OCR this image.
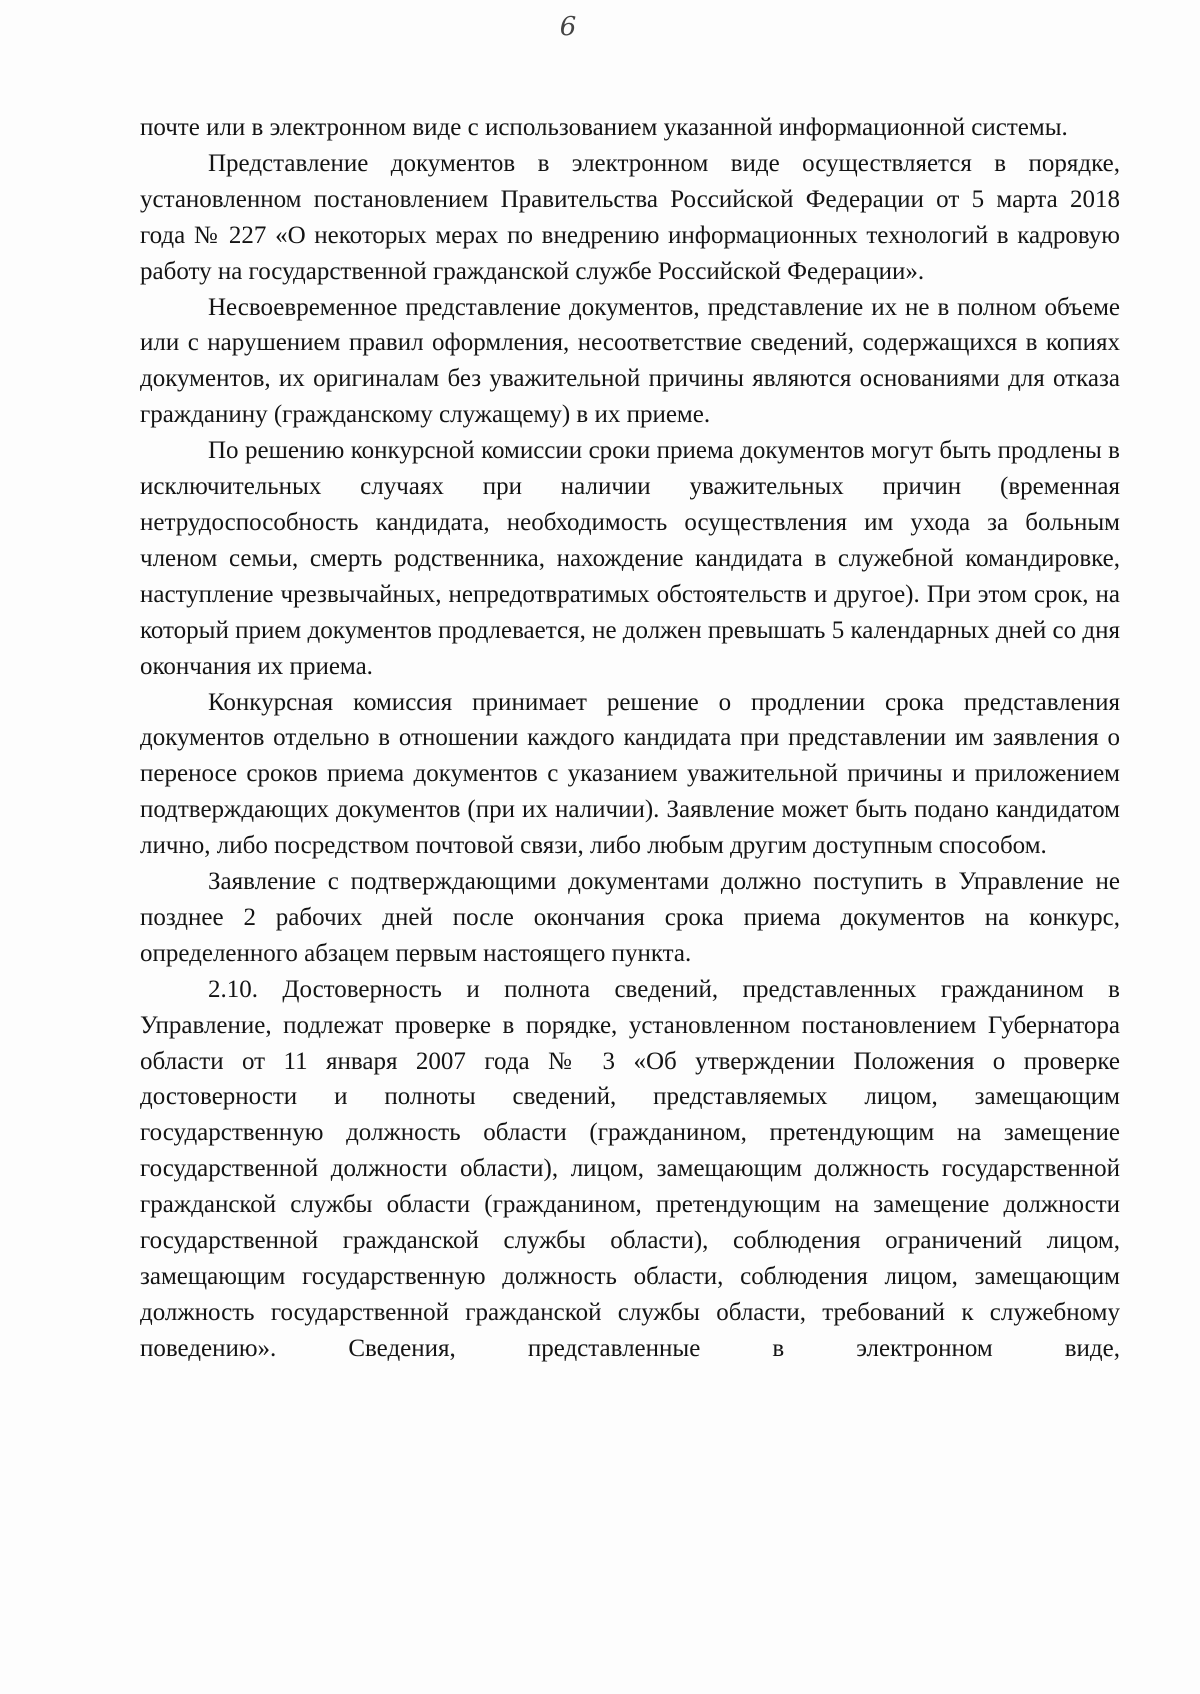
6

почте или в электронном виде с использованием указанной информационной системы.

Представление документов в электронном виде осуществляется в порядке, установленном постановлением Правительства Российской Федерации от 5 марта 2018 года № 227 «О некоторых мерах по внедрению информационных технологий в кадровую работу на государственной гражданской службе Российской Федерации».

Несвоевременное представление документов, представление их не в полном объеме или с нарушением правил оформления, несоответствие сведений, содержащихся в копиях документов, их оригиналам без уважительной причины являются основаниями для отказа гражданину (гражданскому служащему) в их приеме.

По решению конкурсной комиссии сроки приема документов могут быть продлены в исключительных случаях при наличии уважительных причин (временная нетрудоспособность кандидата, необходимость осуществления им ухода за больным членом семьи, смерть родственника, нахождение кандидата в служебной командировке, наступление чрезвычайных, непредотвратимых обстоятельств и другое). При этом срок, на который прием документов продлевается, не должен превышать 5 календарных дней со дня окончания их приема.

Конкурсная комиссия принимает решение о продлении срока представления документов отдельно в отношении каждого кандидата при представлении им заявления о переносе сроков приема документов с указанием уважительной причины и приложением подтверждающих документов (при их наличии). Заявление может быть подано кандидатом лично, либо посредством почтовой связи, либо любым другим доступным способом.

Заявление с подтверждающими документами должно поступить в Управление не позднее 2 рабочих дней после окончания срока приема документов на конкурс, определенного абзацем первым настоящего пункта.

2.10. Достоверность и полнота сведений, представленных гражданином в Управление, подлежат проверке в порядке, установленном постановлением Губернатора области от 11 января 2007 года № 3 «Об утверждении Положения о проверке достоверности и полноты сведений, представляемых лицом, замещающим государственную должность области (гражданином, претендующим на замещение государственной должности области), лицом, замещающим должность государственной гражданской службы области (гражданином, претендующим на замещение должности государственной гражданской службы области), соблюдения ограничений лицом, замещающим государственную должность области, соблюдения лицом, замещающим должность государственной гражданской службы области, требований к служебному поведению». Сведения, представленные в электронном виде,
